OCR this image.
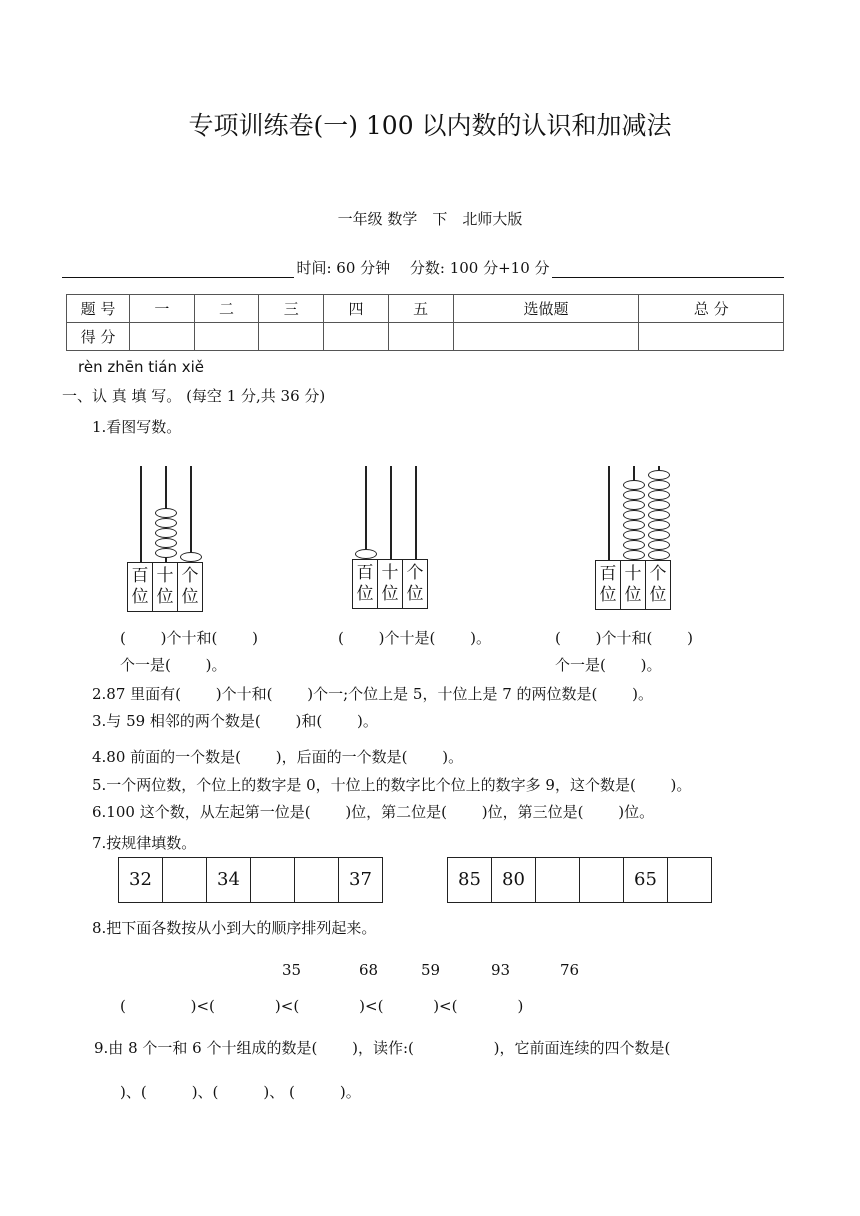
专项训练卷(一) 100 以内数的认识和加减法
一年级 数学　下　北师大版
时间: 60 分钟　 分数: 100 分+10 分
题 号	一	二	三	四	五	选做题	总 分
得 分							
rèn zhēn tián xiě
一、认 真 填 写。 (每空 1 分,共 36 分)
1.看图写数。
百位
十位
个位
百位
十位
个位
百位
十位
个位
(　　 )个十和(　　 )
个一是(　　 )。
(　　 )个十是(　　 )。	(　　 )个十和(　　 )
个一是(　　 )。
2.87 里面有(　　 )个十和(　　 )个一;个位上是 5，十位上是 7 的两位数是(　　 )。
3.与 59 相邻的两个数是(　　 )和(　　 )。
4.80 前面的一个数是(　　 )，后面的一个数是(　　 )。
5.一个两位数，个位上的数字是 0，十位上的数字比个位上的数字多 9，这个数是(　　 )。
6.100 这个数，从左起第一位是(　　 )位，第二位是(　　 )位，第三位是(　　 )位。
7.按规律填数。
32	34	37	85	80	65
8.把下面各数按从小到大的顺序排列起来。
35	68	59	93	76
(　　　　 )<(　　　　)<(　　　　)<(　　　 )<(　　　　)
9.由 8 个一和 6 个十组成的数是(　　 )，读作:(　　　　　 )，它前面连续的四个数是(
)、(　　　)、(　　　)、 (　　　)。
